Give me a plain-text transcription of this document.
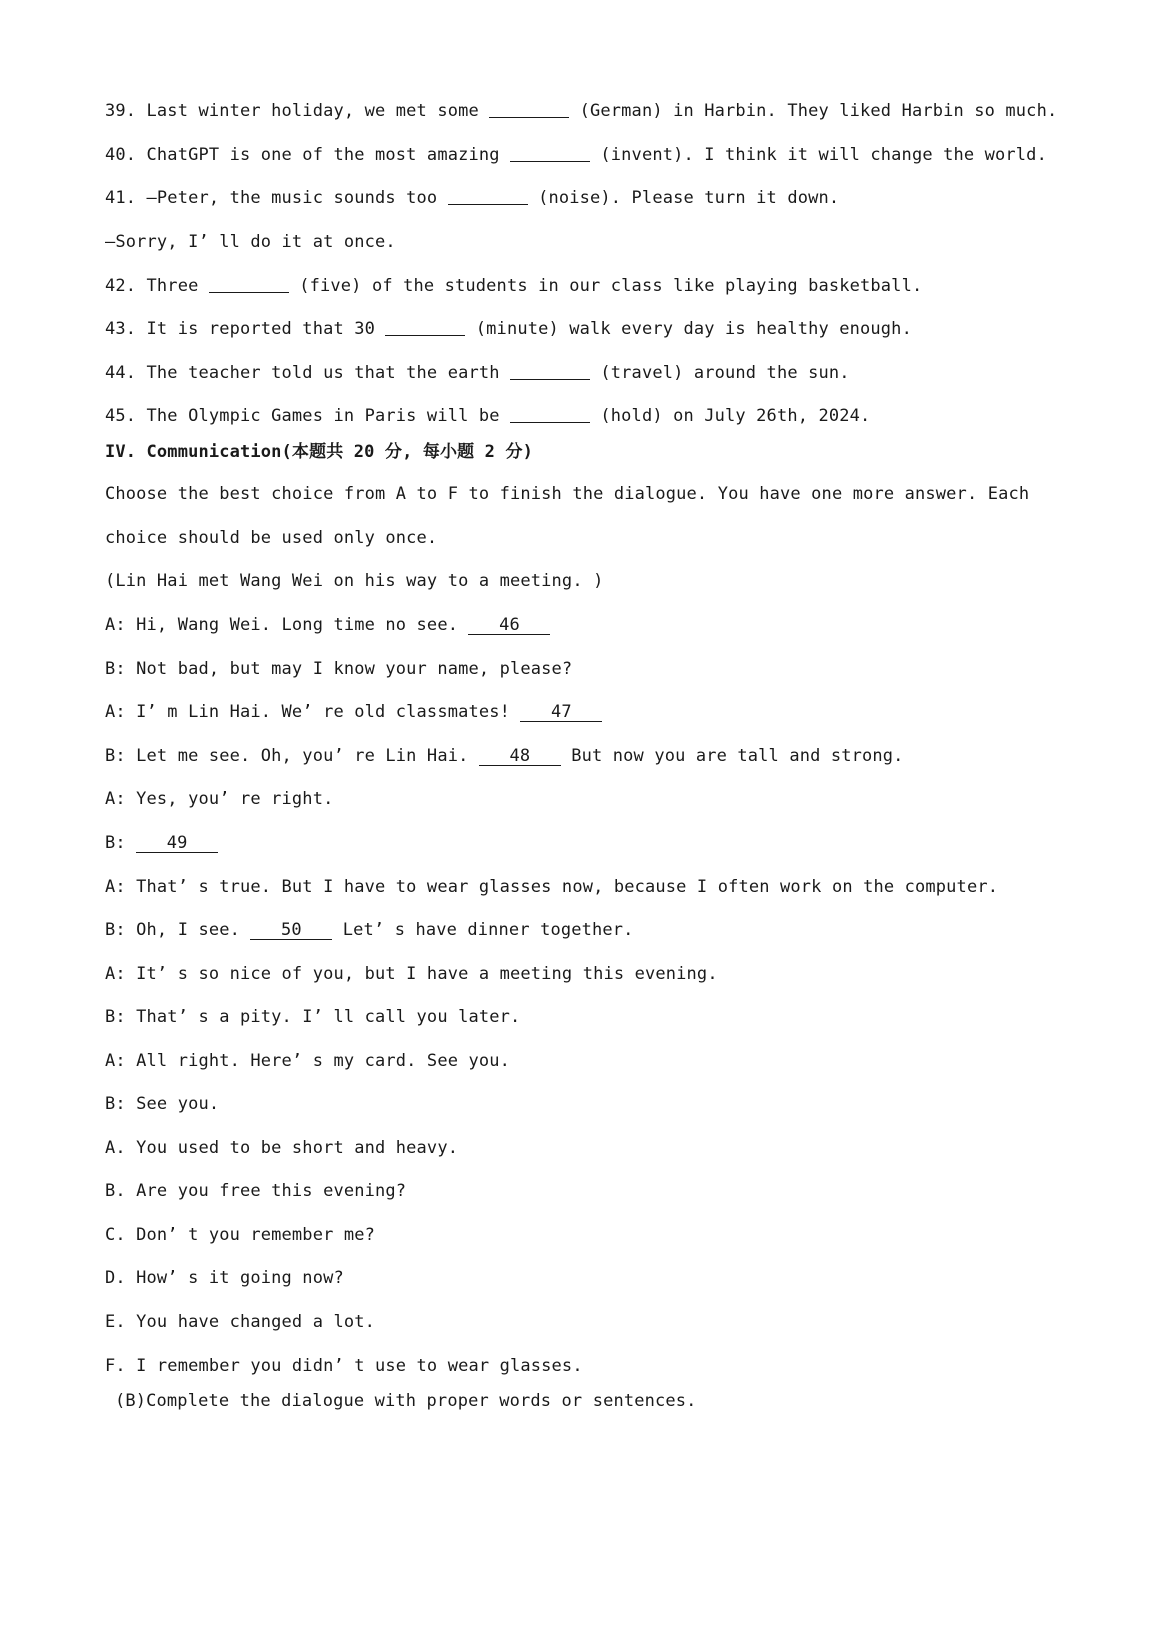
39. Last winter holiday, we met some	(German) in Harbin. They liked Harbin so much.

40. ChatGPT is one of the most amazing	(invent). I think it will change the world.

41. —Peter, the music sounds too	(noise). Please turn it down.

—Sorry, I’ ll do it at once.

42. Three	(five) of the students in our class like playing basketball.

43. It is reported that 30	(minute) walk every day is healthy enough.

44. The teacher told us that the earth	(travel) around the sun.

45. The Olympic Games in Paris will be	(hold) on July 26th, 2024.

IV. Communication(本题共 20 分, 每小题 2 分)

Choose the best choice from A to F to finish the dialogue. You have one more answer. Each

choice should be used only once.

(Lin Hai met Wang Wei on his way to a meeting. )

A: Hi, Wang Wei. Long time no see. 46

B: Not bad, but may I know your name, please?

A: I’ m Lin Hai. We’ re old classmates! 47

B: Let me see. Oh, you’ re Lin Hai. 48 But now you are tall and strong.

A: Yes, you’ re right.

B: 49

A: That’ s true. But I have to wear glasses now, because I often work on the computer.

B: Oh, I see. 50 Let’ s have dinner together.

A: It’ s so nice of you, but I have a meeting this evening.

B: That’ s a pity. I’ ll call you later.

A: All right. Here’ s my card. See you.

B: See you.

A. You used to be short and heavy.

B. Are you free this evening?

C. Don’ t you remember me?

D. How’ s it going now?

E. You have changed a lot.

F. I remember you didn’ t use to wear glasses.

(B)Complete the dialogue with proper words or sentences.
